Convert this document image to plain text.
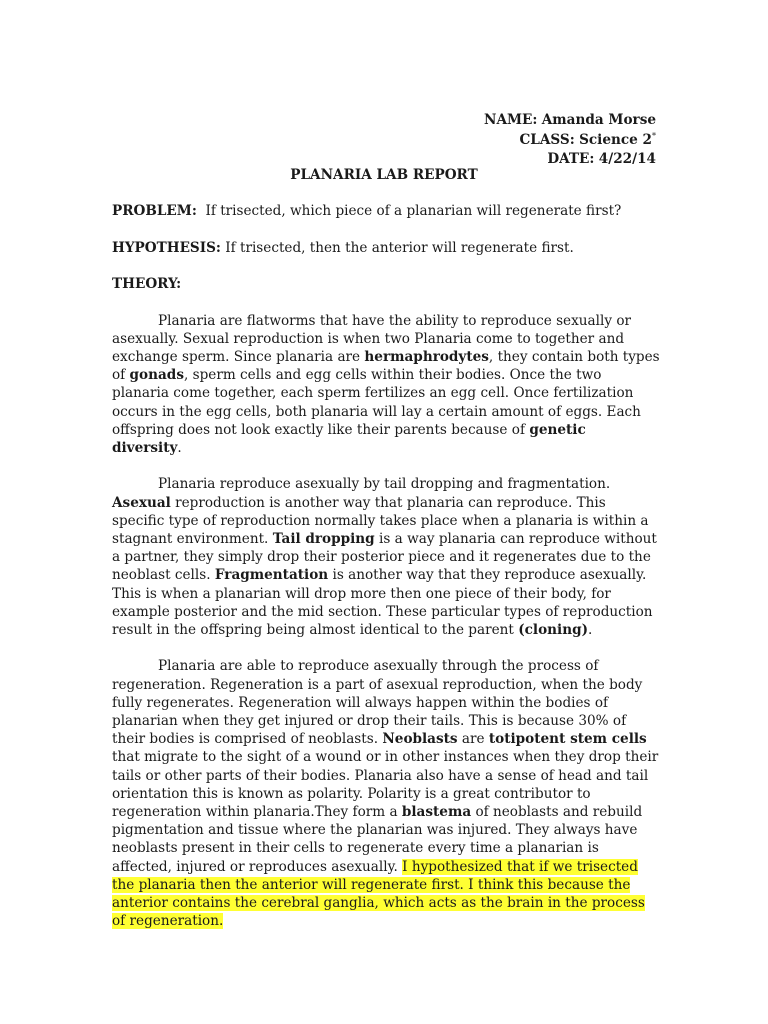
NAME: Amanda Morse
CLASS: Science 2*
DATE: 4/22/14
PLANARIA LAB REPORT
PROBLEM: If trisected, which piece of a planarian will regenerate first?
HYPOTHESIS: If trisected, then the anterior will regenerate first.
THEORY:

Planaria are flatworms that have the ability to reproduce sexually or asexually. Sexual reproduction is when two Planaria come to together and exchange sperm. Since planaria are hermaphrodytes, they contain both types of gonads, sperm cells and egg cells within their bodies. Once the two planaria come together, each sperm fertilizes an egg cell. Once fertilization occurs in the egg cells, both planaria will lay a certain amount of eggs. Each offspring does not look exactly like their parents because of genetic diversity.

Planaria reproduce asexually by tail dropping and fragmentation. Asexual reproduction is another way that planaria can reproduce. This specific type of reproduction normally takes place when a planaria is within a stagnant environment. Tail dropping is a way planaria can reproduce without a partner, they simply drop their posterior piece and it regenerates due to the neoblast cells. Fragmentation is another way that they reproduce asexually. This is when a planarian will drop more then one piece of their body, for example posterior and the mid section. These particular types of reproduction result in the offspring being almost identical to the parent (cloning).

Planaria are able to reproduce asexually through the process of regeneration. Regeneration is a part of asexual reproduction, when the body fully regenerates. Regeneration will always happen within the bodies of planarian when they get injured or drop their tails. This is because 30% of their bodies is comprised of neoblasts. Neoblasts are totipotent stem cells that migrate to the sight of a wound or in other instances when they drop their tails or other parts of their bodies. Planaria also have a sense of head and tail orientation this is known as polarity. Polarity is a great contributor to regeneration within planaria.They form a blastema of neoblasts and rebuild pigmentation and tissue where the planarian was injured. They always have neoblasts present in their cells to regenerate every time a planarian is affected, injured or reproduces asexually. I hypothesized that if we trisected the planaria then the anterior will regenerate first. I think this because the anterior contains the cerebral ganglia, which acts as the brain in the process of regeneration.
